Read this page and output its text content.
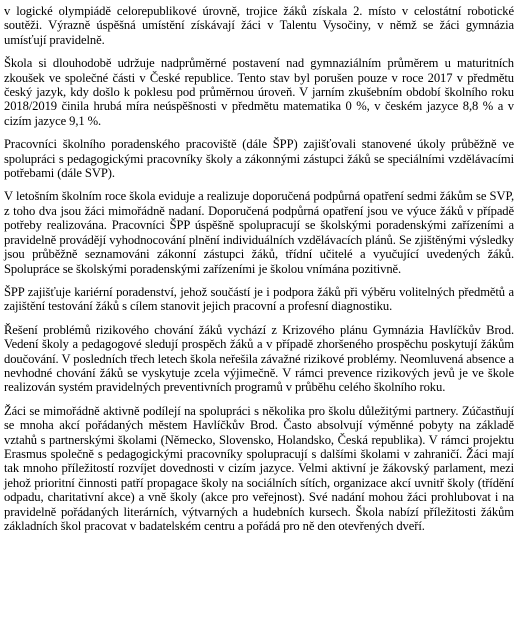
v logické olympiádě celorepublikové úrovně, trojice žáků získala 2. místo v celostátní robotické soutěži. Výrazně úspěšná umístění získávají žáci v Talentu Vysočiny, v němž se žáci gymnázia umísťují pravidelně.

Škola si dlouhodobě udržuje nadprůměrné postavení nad gymnaziálním průměrem u maturitních zkoušek ve společné části v České republice. Tento stav byl porušen pouze v roce 2017 v předmětu český jazyk, kdy došlo k poklesu pod průměrnou úroveň. V jarním zkušebním období školního roku 2018/2019 činila hrubá míra neúspěšnosti v předmětu matematika 0 %, v českém jazyce 8,8 % a v cizím jazyce 9,1 %.

Pracovníci školního poradenského pracoviště (dále ŠPP) zajišťovali stanovené úkoly průběžně ve spolupráci s pedagogickými pracovníky školy a zákonnými zástupci žáků se speciálními vzdělávacími potřebami (dále SVP).

V letošním školním roce škola eviduje a realizuje doporučená podpůrná opatření sedmi žákům se SVP, z toho dva jsou žáci mimořádně nadaní. Doporučená podpůrná opatření jsou ve výuce žáků v případě potřeby realizována. Pracovníci ŠPP úspěšně spolupracují se školskými poradenskými zařízeními a pravidelně provádějí vyhodnocování plnění individuálních vzdělávacích plánů. Se zjištěnými výsledky jsou průběžně seznamováni zákonní zástupci žáků, třídní učitelé a vyučující uvedených žáků. Spolupráce se školskými poradenskými zařízeními je školou vnímána pozitivně.

ŠPP zajišťuje kariérní poradenství, jehož součástí je i podpora žáků při výběru volitelných předmětů a zajištění testování žáků s cílem stanovit jejich pracovní a profesní diagnostiku.

Řešení problémů rizikového chování žáků vychází z Krizového plánu Gymnázia Havlíčkův Brod. Vedení školy a pedagogové sledují prospěch žáků a v případě zhoršeného prospěchu poskytují žákům doučování. V posledních třech letech škola neřešila závažné rizikové problémy. Neomluvená absence a nevhodné chování žáků se vyskytuje zcela výjimečně. V rámci prevence rizikových jevů je ve škole realizován systém pravidelných preventivních programů v průběhu celého školního roku.

Žáci se mimořádně aktivně podílejí na spolupráci s několika pro školu důležitými partnery. Zúčastňují se mnoha akcí pořádaných městem Havlíčkův Brod. Často absolvují výměnné pobyty na základě vztahů s partnerskými školami (Německo, Slovensko, Holandsko, Česká republika). V rámci projektu Erasmus společně s pedagogickými pracovníky spolupracují s dalšími školami v zahraničí. Žáci mají tak mnoho příležitostí rozvíjet dovednosti v cizím jazyce. Velmi aktivní je žákovský parlament, mezi jehož prioritní činnosti patří propagace školy na sociálních sítích, organizace akcí uvnitř školy (třídění odpadu, charitativní akce) a vně školy (akce pro veřejnost). Své nadání mohou žáci prohlubovat i na pravidelně pořádaných literárních, výtvarných a hudebních kursech. Škola nabízí příležitosti žákům základních škol pracovat v badatelském centru a pořádá pro ně den otevřených dveří.
